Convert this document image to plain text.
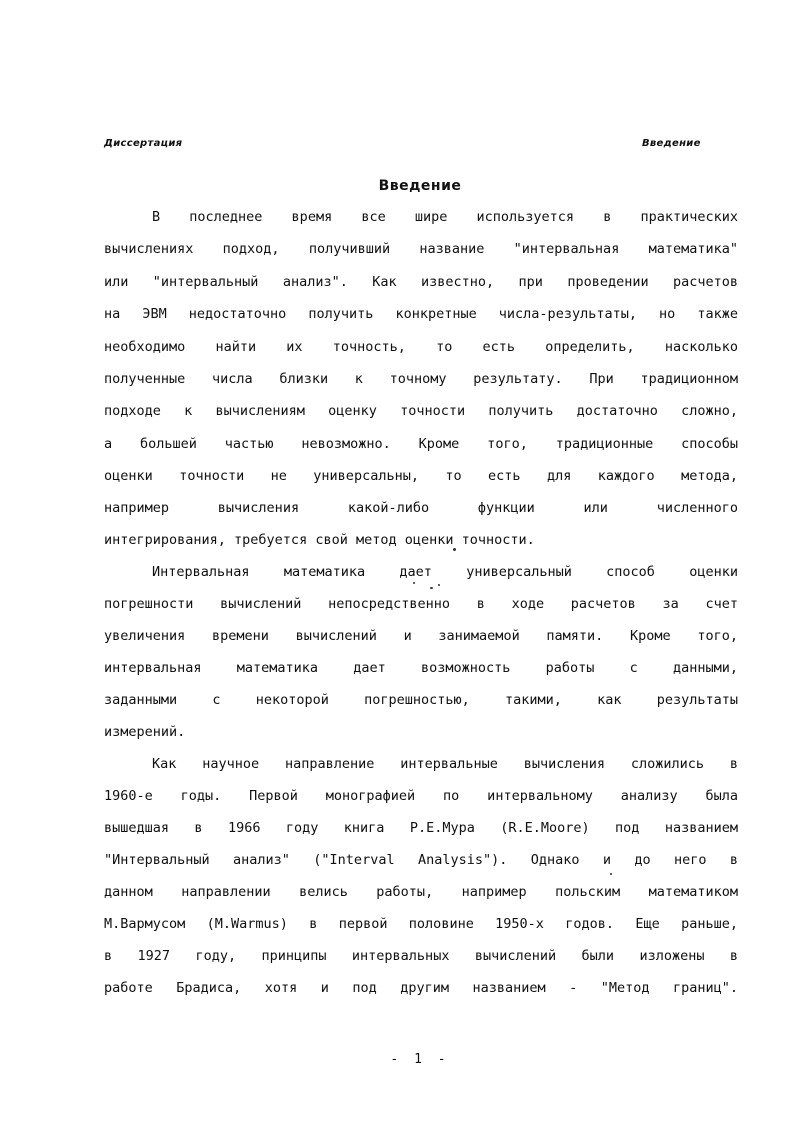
Диссертация	Введение
Введение
В последнее время все шире используется в практических
вычислениях подход, получивший название "интервальная математика"
или "интервальный анализ". Как известно, при проведении расчетов
на ЭВМ недостаточно получить конкретные числа-результаты, но также
необходимо найти их точность, то есть определить, насколько
полученные числа близки к точному результату. При традиционном
подходе к вычислениям оценку точности получить достаточно сложно,
а большей частью невозможно. Кроме того, традиционные способы
оценки точности не универсальны, то есть для каждого метода,
например вычисления какой-либо функции или численного
интегрирования, требуется свой метод оценки точности.
Интервальная математика дает универсальный способ оценки
погрешности вычислений непосредственно в ходе расчетов за счет
увеличения времени вычислений и занимаемой памяти. Кроме того,
интервальная математика дает возможность работы с данными,
заданными с некоторой погрешностью, такими, как результаты
измерений.
Как научное направление интервальные вычисления сложились в
1960-е годы. Первой монографией по интервальному анализу была
вышедшая в 1966 году книга Р.Е.Мура (R.E.Moore) под названием
"Интервальный анализ" ("Interval Analysis"). Однако и до него в
данном направлении велись работы, например польским математиком
М.Вармусом (M.Warmus) в первой половине 1950-х годов. Еще раньше,
в 1927 году, принципы интервальных вычислений были изложены в
работе Брадиса, хотя и под другим названием - "Метод границ".
- 1 -
